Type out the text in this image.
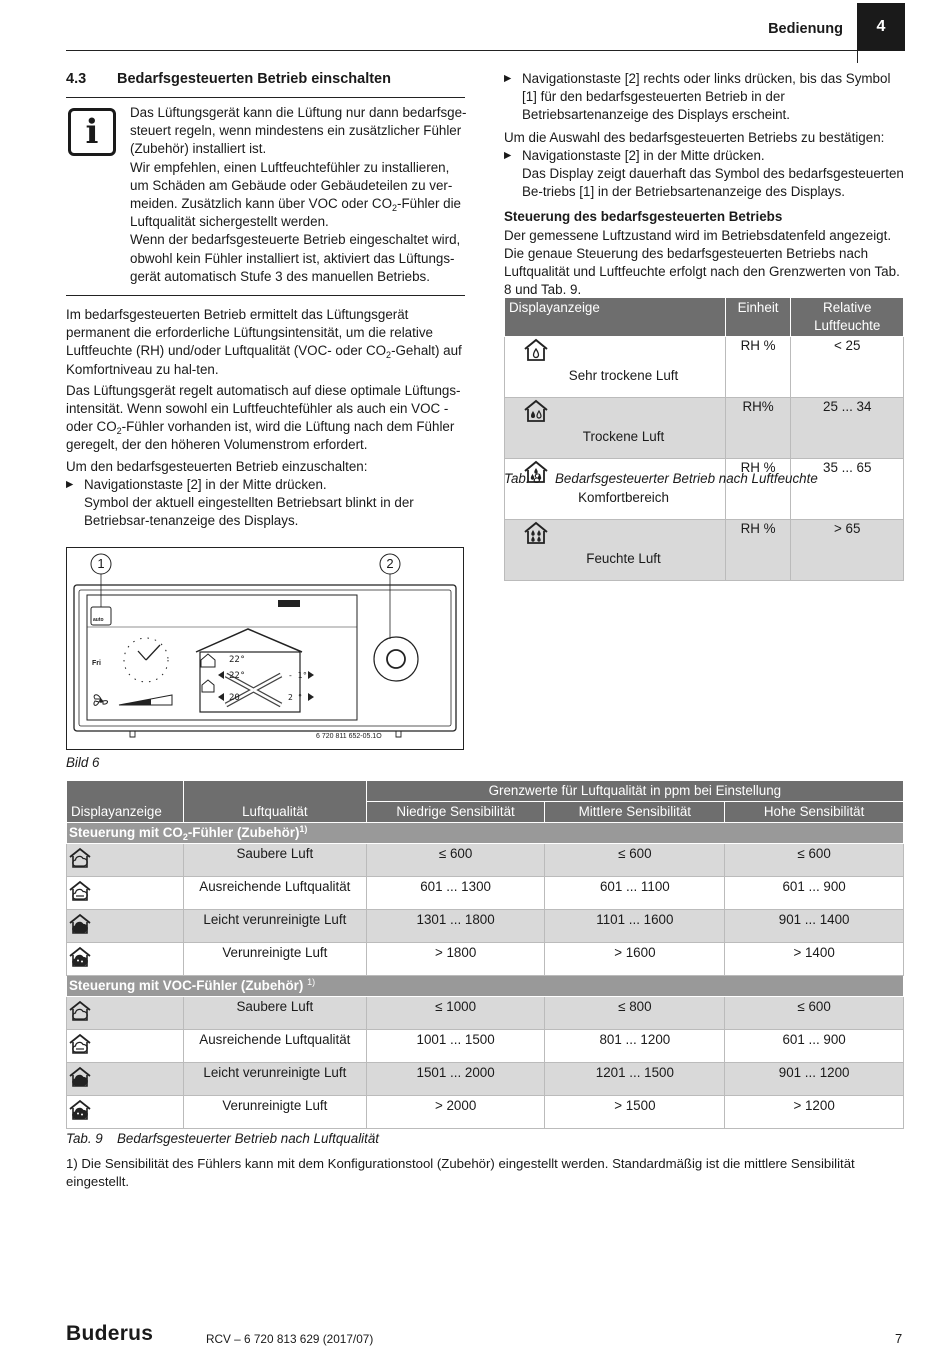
Bedienung	4
4.3 Bedarfsgesteuerten Betrieb einschalten
i	Das Lüftungsgerät kann die Lüftung nur dann bedarfsge-steuert regeln, wenn mindestens ein zusätzlicher Fühler (Zubehör) installiert ist.

Wir empfehlen, einen Luftfeuchtefühler zu installieren, um Schäden am Gebäude oder Gebäudeteilen zu ver-meiden. Zusätzlich kann über VOC oder $CO_2$-Fühler die Luftqualität sichergestellt werden.

Wenn der bedarfsgesteuerte Betrieb eingeschaltet wird, obwohl kein Fühler installiert ist, aktiviert das Lüftungs-gerät automatisch Stufe 3 des manuellen Betriebs.

Im bedarfsgesteuerten Betrieb ermittelt das Lüftungsgerät permanent die erforderliche Lüftungsintensität, um die relative Luftfeuchte (RH) und/oder Luftqualität (VOC- oder $CO_2-Gehalt$) auf Komfortniveau zu hal-ten.

Das Lüftungsgerät regelt automatisch auf diese optimale Lüftungs-intensität. Wenn sowohl ein Luftfeuchtefühler als auch ein VOC - oder $CO_2$-Fühler vorhanden ist, wird die Lüftung nach dem Fühler geregelt, der den höheren Volumenstrom erfordert.

Um den bedarfsgesteuerten Betrieb einzuschalten:

▶ Navigationstaste [2] in der Mitte drücken.

Symbol der aktuell eingestellten Betriebsart blinkt in der Betriebsar-tenanzeige des Displays.

▶ Navigationstaste [2] rechts oder links drücken, bis das Symbol [1] für den bedarfsgesteuerten Betrieb in der Betriebsartenanzeige des Displays erscheint.

Um die Auswahl des bedarfsgesteuerten Betriebs zu bestätigen:

▶ Navigationstaste [2] in der Mitte drücken.

Das Display zeigt dauerhaft das Symbol des bedarfsgesteuerten Be-triebs [1] in der Betriebsartenanzeige des Displays.

Steuerung des bedarfsgesteuerten Betriebs

Der gemessene Luftzustand wird im Betriebsdatenfeld angezeigt. Die genaue Steuerung des bedarfsgesteuerten Betriebs nach Luftqualität und Luftfeuchte erfolgt nach den Grenzwerten von Tab. 8 und Tab. 9.

Displayanzeige	Einheit	Relative Luftfeuchte
Sehr trockene Luft	RH %	< 25
Trockene Luft	RH%	25 ... 34
Komfortbereich	RH %	35 ... 65
Feuchte Luft	RH %	> 65
Tab. 8 Bedarfsgesteuerter Betrieb nach Luftfeuchte
1	2
auto
Fri	22°
22°	- 1°
20	2 °
6 720 811 652-05.1O
Bild 6
		Grenzwerte für Luftqualität in ppm bei Einstellung		
Displayanzeige	Luftqualität	Niedrige Sensibilität	Mittlere Sensibilität	Hohe Sensibilität
Steuerung mit $CO_2$-Fühler (Zubehör)$^{1)}$
	Saubere Luft	≤ 600	≤ 600	≤ 600
	Ausreichende Luftqualität	601 ... 1300	601 ... 1100	601 ... 900
	Leicht verunreinigte Luft	1301 ... 1800	1101 ... 1600	901 ... 1400
	Verunreinigte Luft	> 1800	> 1600	> 1400
Steuerung mit VOC-Fühler (Zubehör) $^{1)}$
	Saubere Luft	≤ 1000	≤ 800	≤ 600
	Ausreichende Luftqualität	1001 ... 1500	801 ... 1200	601 ... 900
	Leicht verunreinigte Luft	1501 ... 2000	1201 ... 1500	901 ... 1200
	Verunreinigte Luft	> 2000	> 1500	> 1200
Tab. 9 Bedarfsgesteuerter Betrieb nach Luftqualität
1) Die Sensibilität des Fühlers kann mit dem Konfigurationstool (Zubehör) eingestellt werden. Standardmäßig ist die mittlere Sensibilität eingestellt.
Buderus	RCV – 6 720 813 629 (2017/07)	7
